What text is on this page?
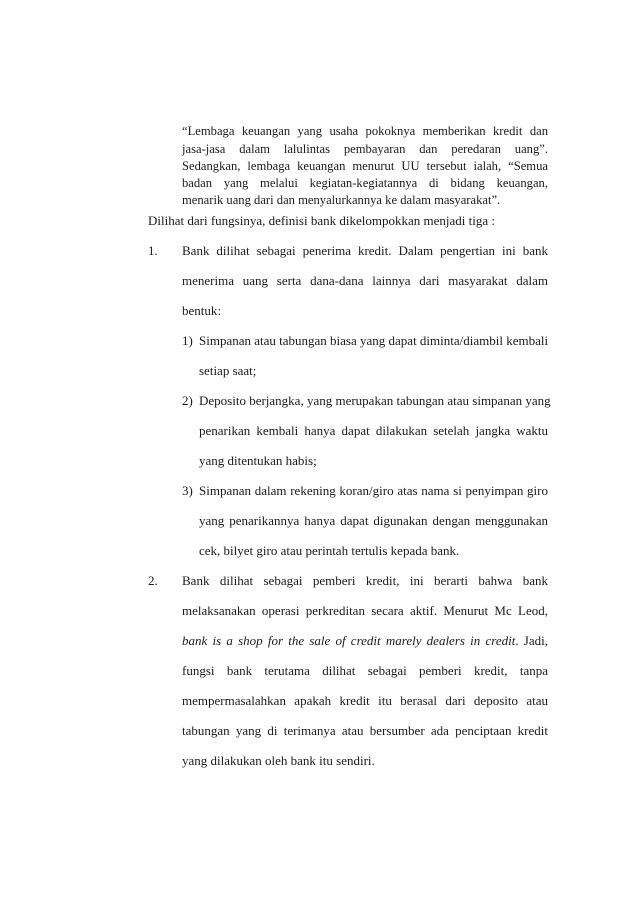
“Lembaga keuangan yang usaha pokoknya memberikan kredit dan
jasa-jasa dalam lalulintas pembayaran dan peredaran uang”.
Sedangkan, lembaga keuangan menurut UU tersebut ialah, “Semua
badan yang melalui kegiatan-kegiatannya di bidang keuangan,
menarik uang dari dan menyalurkannya ke dalam masyarakat”.
Dilihat dari fungsinya, definisi bank dikelompokkan menjadi tiga :
1. Bank dilihat sebagai penerima kredit. Dalam pengertian ini bank
menerima uang serta dana-dana lainnya dari masyarakat dalam
bentuk:
1) Simpanan atau tabungan biasa yang dapat diminta/diambil kembali
setiap saat;
2) Deposito berjangka, yang merupakan tabungan atau simpanan yang
penarikan kembali hanya dapat dilakukan setelah jangka waktu
yang ditentukan habis;
3) Simpanan dalam rekening koran/giro atas nama si penyimpan giro
yang penarikannya hanya dapat digunakan dengan menggunakan
cek, bilyet giro atau perintah tertulis kepada bank.
2. Bank dilihat sebagai pemberi kredit, ini berarti bahwa bank
melaksanakan operasi perkreditan secara aktif. Menurut Mc Leod,
bank is a shop for the sale of credit marely dealers in credit. Jadi,
fungsi bank terutama dilihat sebagai pemberi kredit, tanpa
mempermasalahkan apakah kredit itu berasal dari deposito atau
tabungan yang di terimanya atau bersumber ada penciptaan kredit
yang dilakukan oleh bank itu sendiri.
